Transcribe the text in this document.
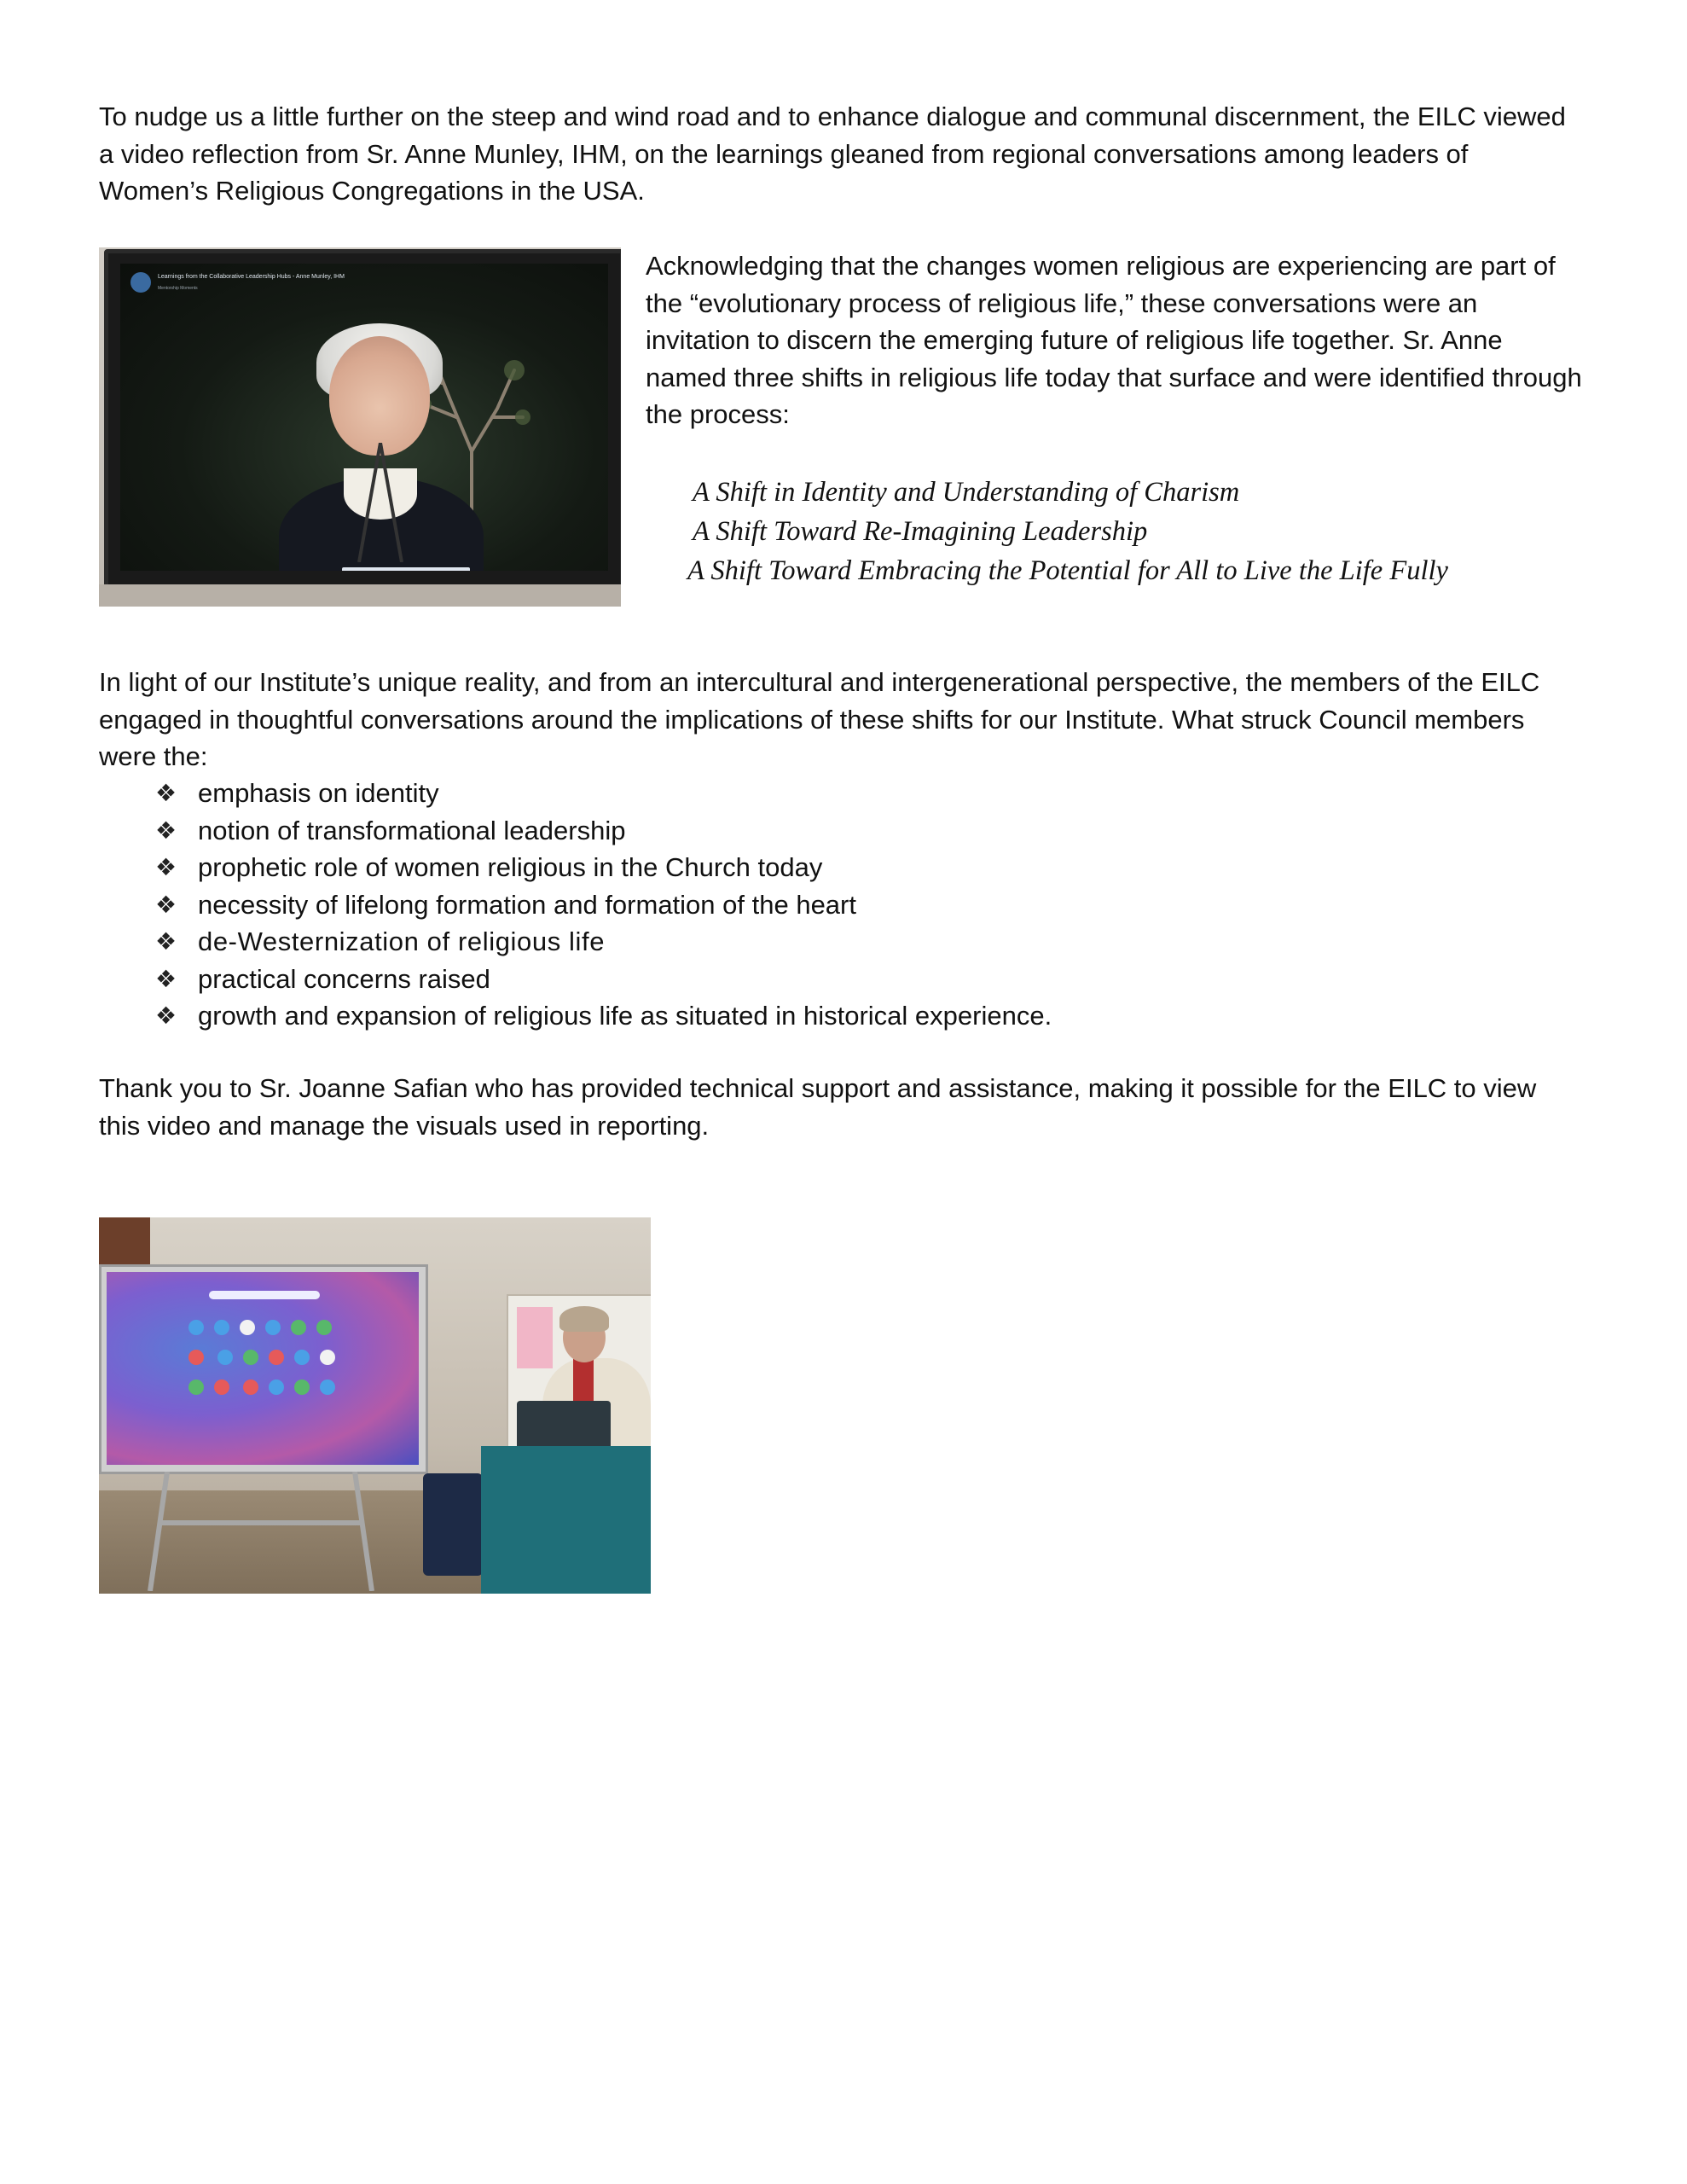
To nudge us a little further on the steep and wind road and to enhance dialogue and communal discernment, the EILC viewed a video reflection from Sr. Anne Munley, IHM, on the learnings gleaned from regional conversations among leaders of Women’s Religious Congregations in the USA.

Learnings from the Collaborative Leadership Hubs - Anne Munley, IHM
Mentorship Moments

Acknowledging that the changes women religious are experiencing are part of the “evolutionary process of religious life,” these conversations were an invitation to discern the emerging future of religious life together. Sr. Anne named three shifts in religious life today that surface and were identified through the process:

A Shift in Identity and Understanding of Charism
A Shift Toward Re-Imagining Leadership
A Shift Toward Embracing the Potential for All to Live the Life Fully

In light of our Institute’s unique reality, and from an intercultural and intergenerational perspective, the members of the EILC engaged in thoughtful conversations around the implications of these shifts for our Institute. What struck Council members were the:

❖ emphasis on identity
❖ notion of transformational leadership
❖ prophetic role of women religious in the Church today
❖ necessity of lifelong formation and formation of the heart
❖ de-Westernization of religious life
❖ practical concerns raised
❖ growth and expansion of religious life as situated in historical experience.

Thank you to Sr. Joanne Safian who has provided technical support and assistance, making it possible for the EILC to view this video and manage the visuals used in reporting.
